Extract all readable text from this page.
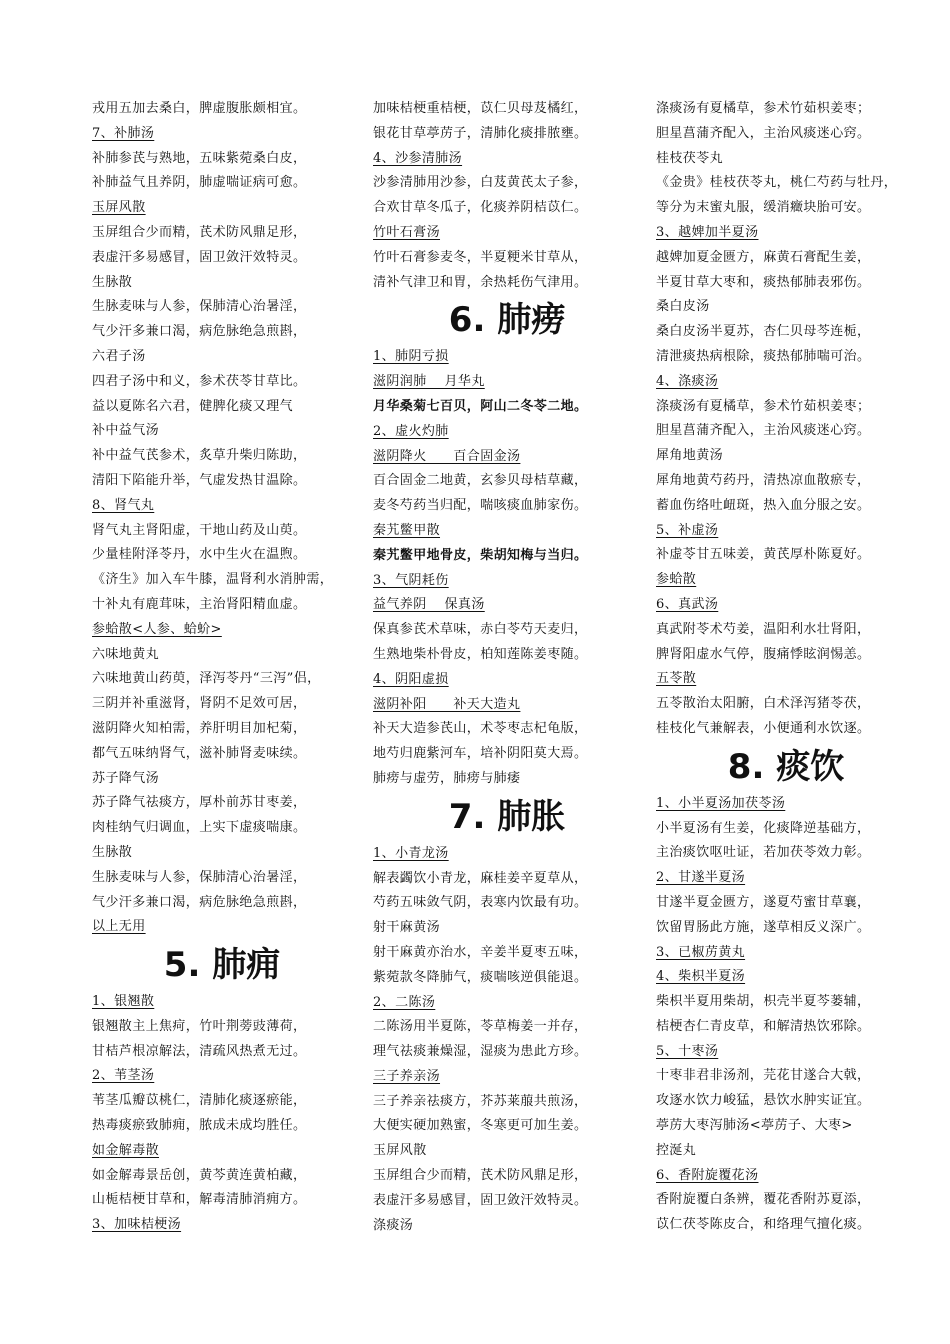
戎用五加去桑白，脾虚腹胀颇相宜。
7、补肺汤
补肺参芪与熟地，五味紫菀桑白皮，
补肺益气且养阴，肺虚喘证病可愈。
玉屏风散
玉屏组合少而精，芪术防风鼎足形，
表虚汗多易感冒，固卫敛汗效特灵。
生脉散
生脉麦味与人参，保肺清心治暑淫，
气少汗多兼口渴，病危脉绝急煎斟，
六君子汤
四君子汤中和义，参术茯苓甘草比。
益以夏陈名六君，健脾化痰又理气
补中益气汤
补中益气芪参术，炙草升柴归陈助，
清阳下陷能升举，气虚发热甘温除。
8、肾气丸
肾气丸主肾阳虚，干地山药及山萸。
少量桂附泽苓丹，水中生火在温煦。
《济生》加入车牛膝，温肾利水消肿需，
十补丸有鹿茸味，主治肾阳精血虚。
参蛤散<人参、蛤蚧>
六味地黄丸
六味地黄山药萸，泽泻苓丹“三泻”侣，
三阴并补重滋肾，肾阴不足效可居，
滋阴降火知柏需，养肝明目加杞菊，
都气五味纳肾气，滋补肺肾麦味续。
苏子降气汤
苏子降气祛痰方，厚朴前苏甘枣姜，
肉桂纳气归调血，上实下虚痰喘康。
生脉散
生脉麦味与人参，保肺清心治暑淫，
气少汗多兼口渴，病危脉绝急煎斟，
以上无用
5. 肺痈
1、银翘散
银翘散主上焦疴，竹叶荆蒡豉薄荷，
甘桔芦根凉解法，清疏风热煮无过。
2、苇茎汤
苇茎瓜瓣苡桃仁，清肺化痰逐瘀能，
热毒痰瘀致肺痈，脓成未成均胜任。
如金解毒散
如金解毒景岳创，黄芩黄连黄柏藏，
山栀桔梗甘草和，解毒清肺消痈方。
3、加味桔梗汤
加味桔梗重桔梗，苡仁贝母芨橘红，
银花甘草葶苈子，清肺化痰排脓壅。
4、沙参清肺汤
沙参清肺用沙参，白芨黄芪太子参，
合欢甘草冬瓜子，化痰养阴桔苡仁。
竹叶石膏汤
竹叶石膏参麦冬，半夏粳米甘草从，
清补气津卫和胃，余热耗伤气津用。
6. 肺痨
1、肺阴亏损
滋阴润肺　 月华丸
月华桑菊七百贝，阿山二冬苓二地。
2、虚火灼肺
滋阴降火　　百合固金汤
百合固金二地黄，玄参贝母桔草藏，
麦冬芍药当归配，喘咳痰血肺家伤。
秦艽鳖甲散
秦艽鳖甲地骨皮，柴胡知梅与当归。
3、气阴耗伤
益气养阴　 保真汤
保真参芪术草味，赤白苓芍天麦归，
生熟地柴朴骨皮，柏知莲陈姜枣随。
4、阴阳虚损
滋阴补阳　　补天大造丸
补天大造参芪山，术苓枣志杞龟版，
地芍归鹿紫河车，培补阴阳莫大焉。
肺痨与虚劳，肺痨与肺痿
7. 肺胀
1、小青龙汤
解表蠲饮小青龙，麻桂姜辛夏草从，
芍药五味敛气阴，表寒内饮最有功。
射干麻黄汤
射干麻黄亦治水，辛姜半夏枣五味，
紫菀款冬降肺气，痰喘咳逆俱能退。
2、二陈汤
二陈汤用半夏陈，苓草梅姜一并存，
理气祛痰兼燥湿，湿痰为患此方珍。
三子养亲汤
三子养亲祛痰方，芥苏莱菔共煎汤，
大便实硬加熟蜜，冬寒更可加生姜。
玉屏风散
玉屏组合少而精，芪术防风鼎足形，
表虚汗多易感冒，固卫敛汗效特灵。
涤痰汤
涤痰汤有夏橘草，参术竹茹枳姜枣；
胆星菖蒲齐配入，主治风痰迷心窍。
桂枝茯苓丸
《金贵》桂枝茯苓丸，桃仁芍药与牡丹，
等分为末蜜丸服，缓消癥块胎可安。
3、越婢加半夏汤
越婢加夏金匮方，麻黄石膏配生姜，
半夏甘草大枣和，痰热郁肺表邪伤。
桑白皮汤
桑白皮汤半夏苏，杏仁贝母芩连栀，
清泄痰热病根除，痰热郁肺喘可治。
4、涤痰汤
涤痰汤有夏橘草，参术竹茹枳姜枣；
胆星菖蒲齐配入，主治风痰迷心窍。
犀角地黄汤
犀角地黄芍药丹，清热凉血散瘀专，
蓄血伤络吐衄斑，热入血分服之安。
5、补虚汤
补虚苓甘五味姜，黄芪厚朴陈夏好。
参蛤散
6、真武汤
真武附苓术芍姜，温阳利水壮肾阳，
脾肾阳虚水气停，腹痛悸眩润惕恙。
五苓散
五苓散治太阳腑，白术泽泻猪苓茯，
桂枝化气兼解表，小便通利水饮逐。
8. 痰饮
1、小半夏汤加茯苓汤
小半夏汤有生姜，化痰降逆基础方，
主治痰饮呕吐证，若加茯苓效力彰。
2、甘遂半夏汤
甘遂半夏金匮方，遂夏芍蜜甘草襄，
饮留胃肠此方施，遂草相反义深广。
3、已椒苈黄丸
4、柴枳半夏汤
柴枳半夏用柴胡，枳壳半夏芩蒌辅，
桔梗杏仁青皮草，和解清热饮邪除。
5、十枣汤
十枣非君非汤剂，芫花甘遂合大戟，
攻逐水饮力峻猛，悬饮水肿实证宜。
葶苈大枣泻肺汤<葶苈子、大枣>
控涎丸
6、香附旋覆花汤
香附旋覆白条辨，覆花香附苏夏添，
苡仁茯苓陈皮合，和络理气擅化痰。
